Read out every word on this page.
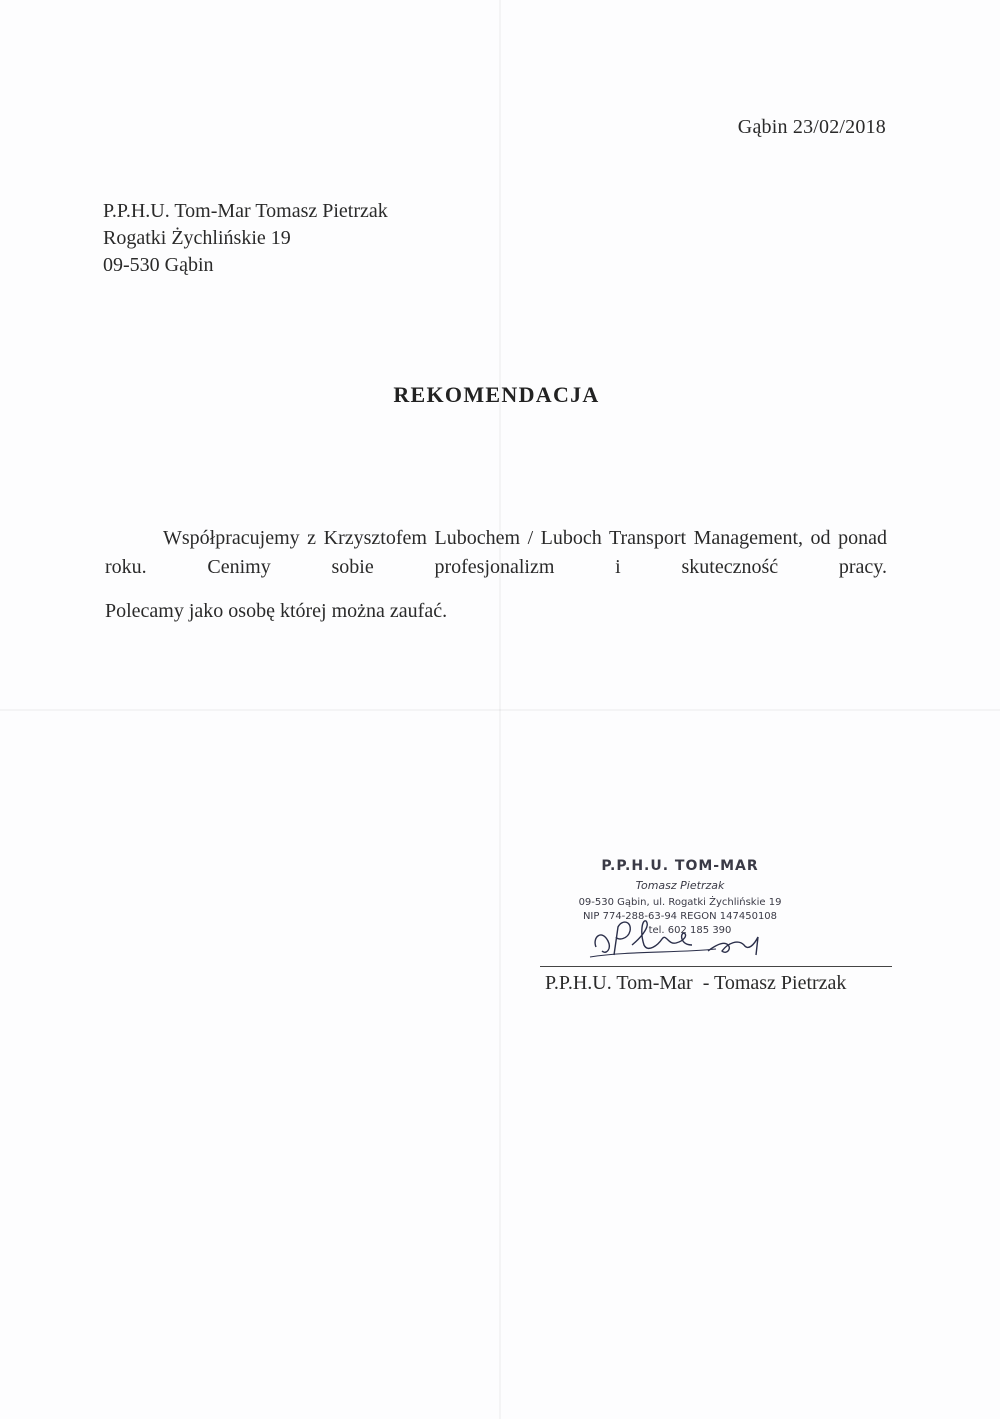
Gąbin 23/02/2018
P.P.H.U. Tom-Mar Tomasz Pietrzak
Rogatki Żychlińskie 19
09-530 Gąbin
REKOMENDACJA

Współpracujemy z Krzysztofem Lubochem / Luboch Transport Management, od ponad roku. Cenimy sobie profesjonalizm i skuteczność pracy.

Polecamy jako osobę której można zaufać.

P.P.H.U. TOM-MAR
Tomasz Pietrzak
09-530 Gąbin, ul. Rogatki Żychlińskie 19
NIP 774-288-63-94 REGON 147450108
tel. 602 185 390
P.P.H.U. Tom-Mar  - Tomasz Pietrzak
